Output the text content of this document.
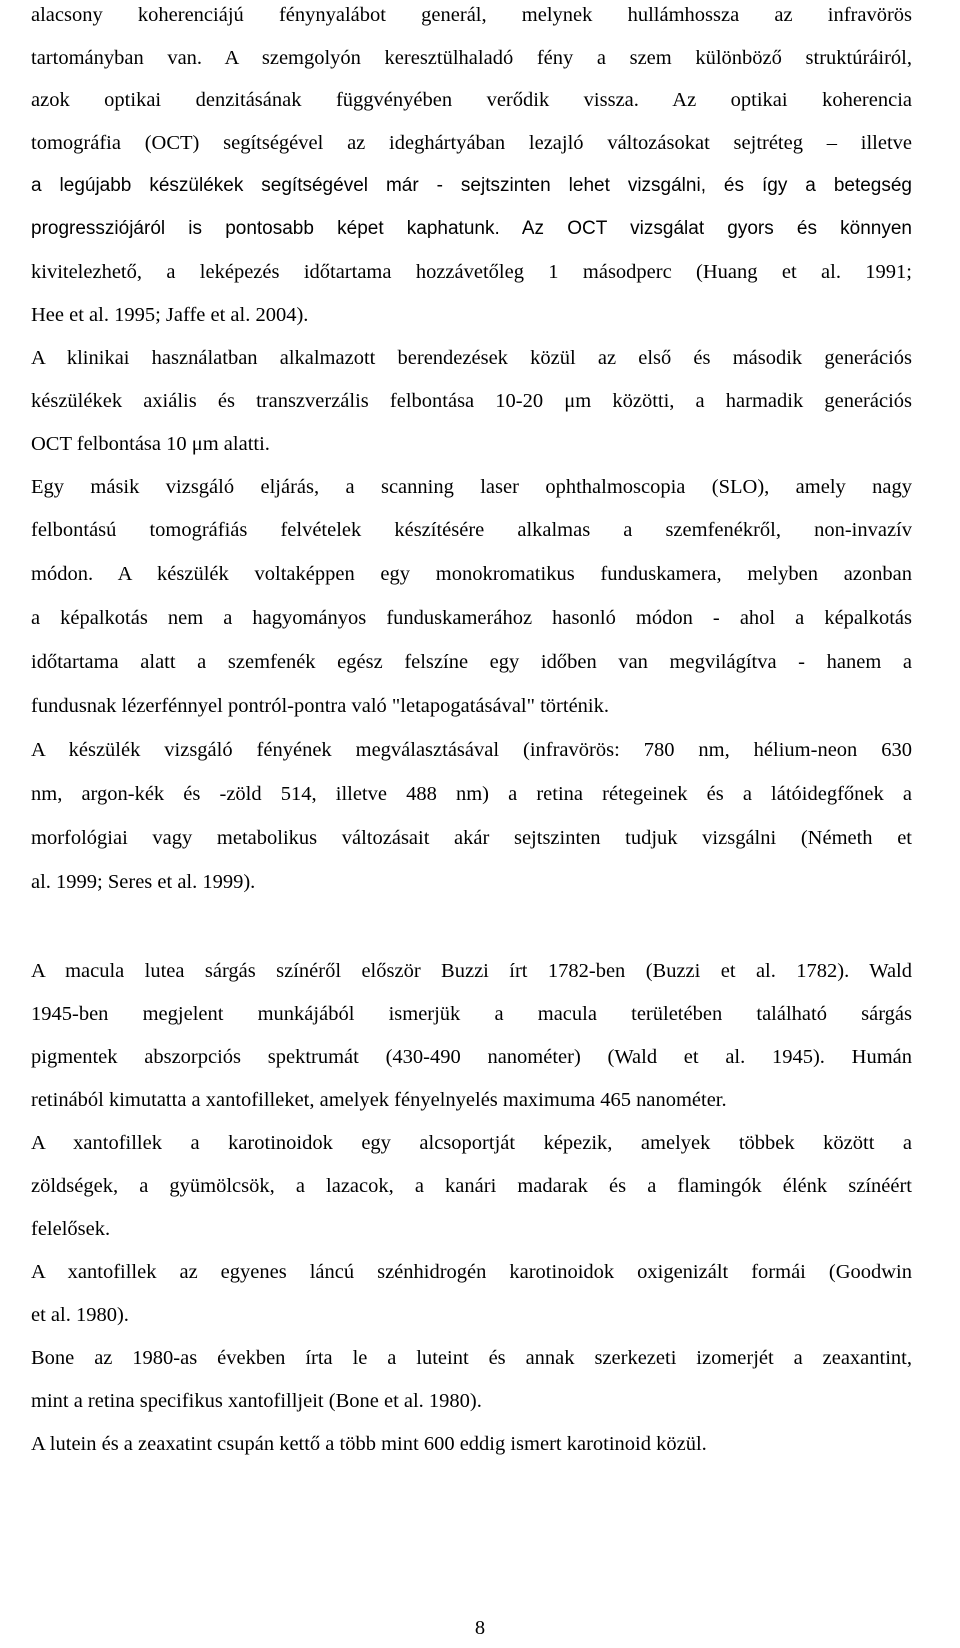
alacsony koherenciájú fénynyalábot generál, melynek hullámhossza az infravörös
tartományban van. A szemgolyón keresztülhaladó fény a szem különböző struktúráiról,
azok optikai denzitásának függvényében verődik vissza. Az optikai koherencia
tomográfia (OCT) segítségével az ideghártyában lezajló változásokat sejtréteg – illetve
a legújabb készülékek segítségével már - sejtszinten lehet vizsgálni, és így a betegség
progressziójáról is pontosabb képet kaphatunk. Az OCT vizsgálat gyors és könnyen
kivitelezhető, a leképezés időtartama hozzávetőleg 1 másodperc (Huang et al. 1991;
Hee et al. 1995; Jaffe et al. 2004).
A klinikai használatban alkalmazott berendezések közül az első és második generációs
készülékek axiális és transzverzális felbontása 10-20 μm közötti, a harmadik generációs
OCT felbontása 10 μm alatti.
Egy másik vizsgáló eljárás, a scanning laser ophthalmoscopia (SLO), amely nagy
felbontású tomográfiás felvételek készítésére alkalmas a szemfenékről, non-invazív
módon. A készülék voltaképpen egy monokromatikus funduskamera, melyben azonban
a képalkotás nem a hagyományos funduskamerához hasonló módon - ahol a képalkotás
időtartama alatt a szemfenék egész felszíne egy időben van megvilágítva - hanem a
fundusnak lézerfénnyel pontról-pontra való "letapogatásával" történik.
A készülék vizsgáló fényének megválasztásával (infravörös: 780 nm, hélium-neon 630
nm, argon-kék és -zöld 514, illetve 488 nm) a retina rétegeinek és a látóidegfőnek a
morfológiai vagy metabolikus változásait akár sejtszinten tudjuk vizsgálni (Németh et
al. 1999; Seres et al. 1999).
A macula lutea sárgás színéről először Buzzi írt 1782-ben (Buzzi et al. 1782). Wald
1945-ben megjelent munkájából ismerjük a macula területében található sárgás
pigmentek abszorpciós spektrumát (430-490 nanométer) (Wald et al. 1945). Humán
retinából kimutatta a xantofilleket, amelyek fényelnyelés maximuma 465 nanométer.
A xantofillek a karotinoidok egy alcsoportját képezik, amelyek többek között a
zöldségek, a gyümölcsök, a lazacok, a kanári madarak és a flamingók élénk színéért
felelősek.
A xantofillek az egyenes láncú szénhidrogén karotinoidok oxigenizált formái (Goodwin
et al. 1980).
Bone az 1980-as években írta le a luteint és annak szerkezeti izomerjét a zeaxantint,
mint a retina specifikus xantofilljeit (Bone et al. 1980).
A lutein és a zeaxatint csupán kettő a több mint 600 eddig ismert karotinoid közül.
8
